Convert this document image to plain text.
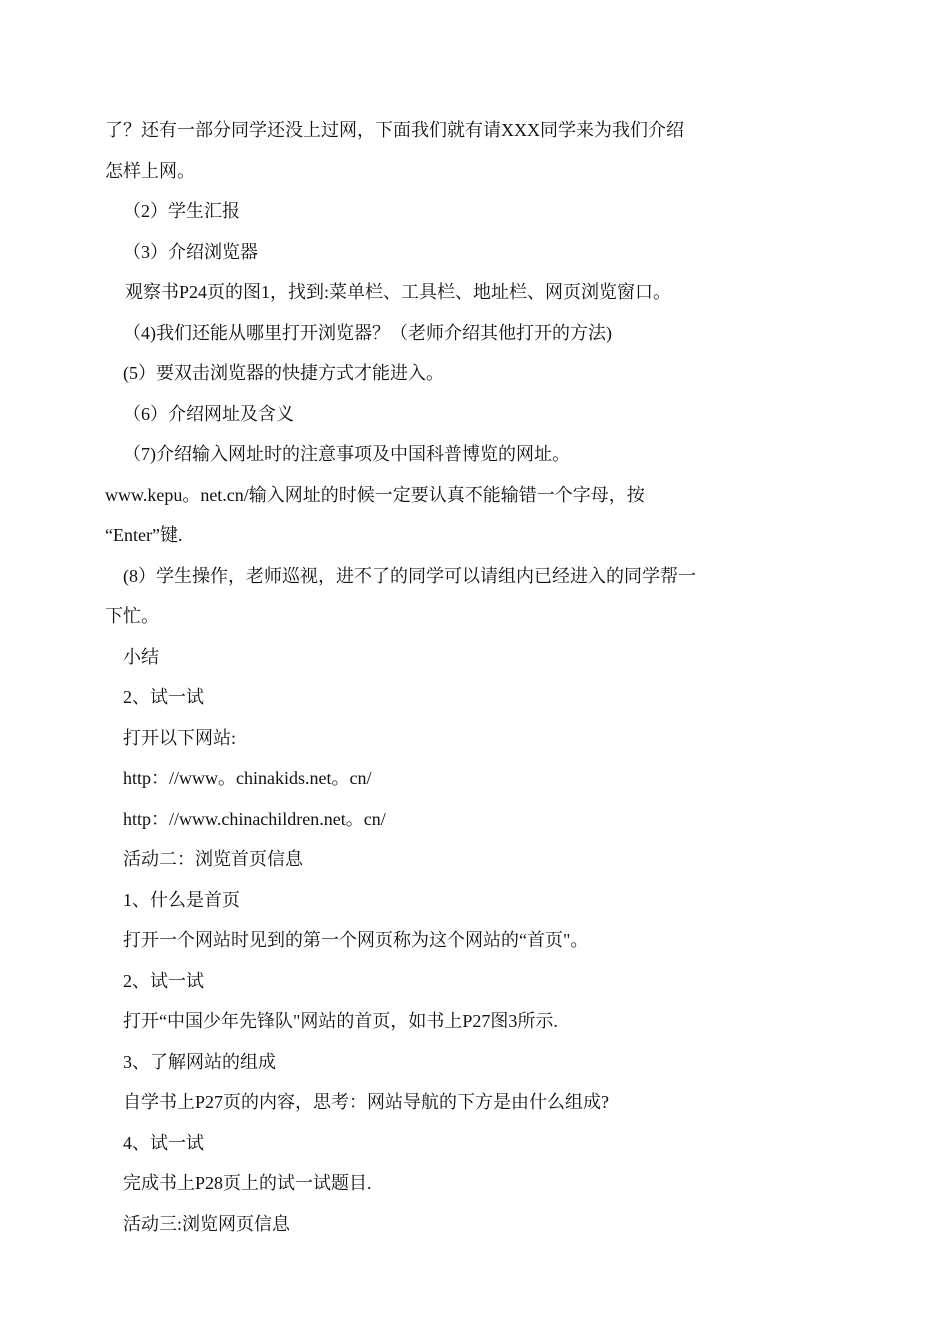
了？还有一部分同学还没上过网，下面我们就有请XXX同学来为我们介绍
怎样上网。
（2）学生汇报
（3）介绍浏览器
观察书P24页的图1，找到:菜单栏、工具栏、地址栏、网页浏览窗口。
（4)我们还能从哪里打开浏览器？（老师介绍其他打开的方法)
(5）要双击浏览器的快捷方式才能进入。
（6）介绍网址及含义
（7)介绍输入网址时的注意事项及中国科普博览的网址。
www.kepu。net.cn/输入网址的时候一定要认真不能输错一个字母，按
“Enter”键.
(8）学生操作，老师巡视，进不了的同学可以请组内已经进入的同学帮一
下忙。
小结
2、试一试
打开以下网站:
http：//www。chinakids.net。cn/
http：//www.chinachildren.net。cn/
活动二：浏览首页信息
1、什么是首页
打开一个网站时见到的第一个网页称为这个网站的“首页"。
2、试一试
打开“中国少年先锋队"网站的首页，如书上P27图3所示.
3、了解网站的组成
自学书上P27页的内容，思考：网站导航的下方是由什么组成?
4、试一试
完成书上P28页上的试一试题目.
活动三:浏览网页信息
